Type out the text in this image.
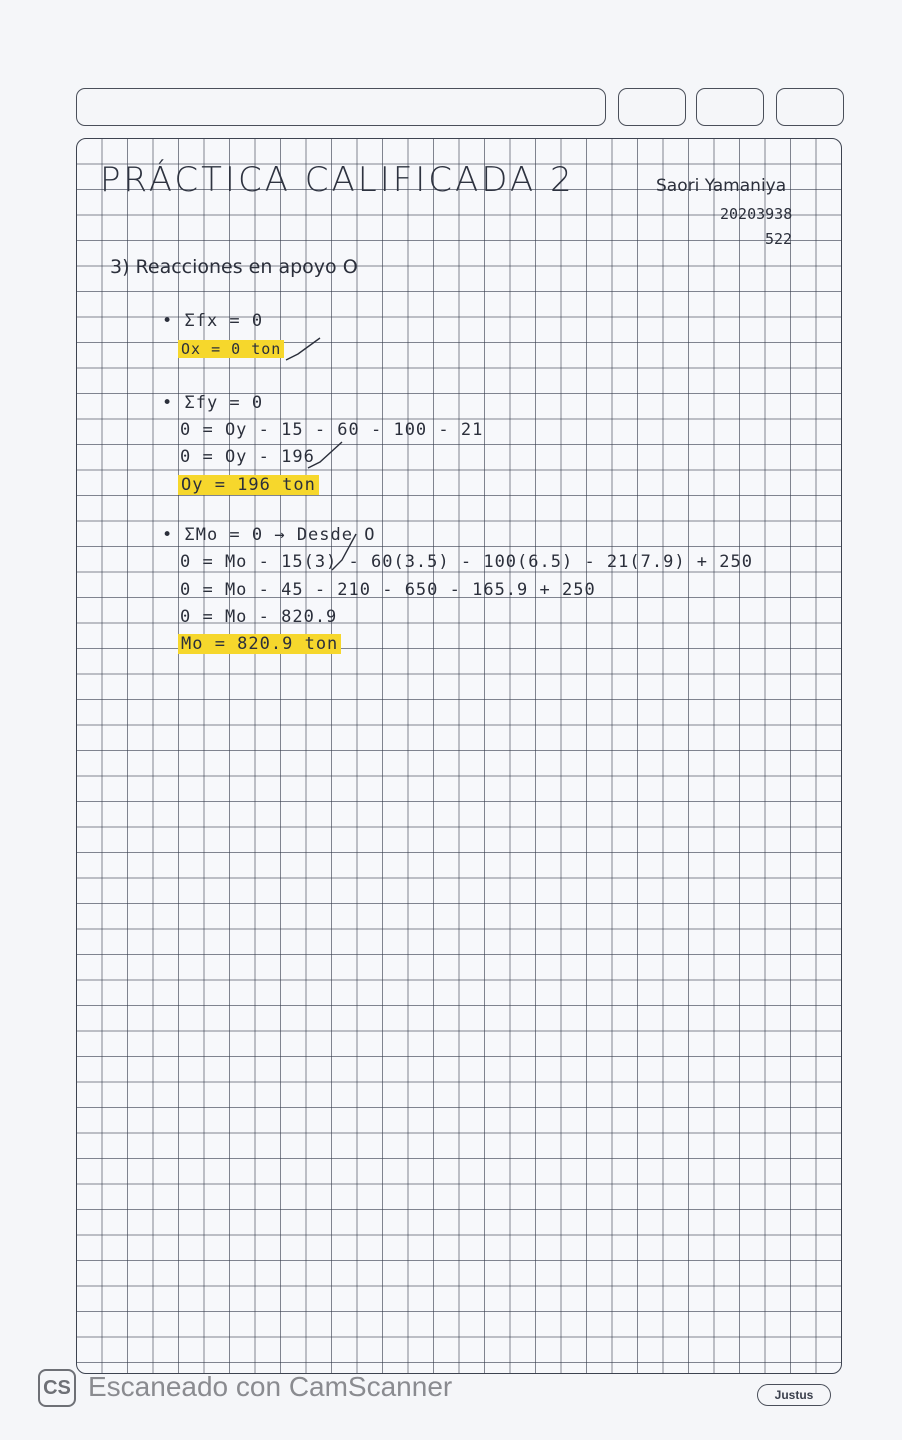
PRÁCTICA CALIFICADA 2	Saori Yamaniya
20203938
522
3) Reacciones en apoyo O
• Σfx = 0
Ox = 0 ton
• Σfy = 0
0 = Oy - 15 - 60 - 100 - 21
0 = Oy - 196
Oy = 196 ton
• ΣMo = 0 → Desde O
0 = Mo - 15(3) - 60(3.5) - 100(6.5) - 21(7.9) + 250
0 = Mo - 45 - 210 - 650 - 165.9 + 250
0 = Mo - 820.9
Mo = 820.9 ton
CS Escaneado con CamScanner	Justus
